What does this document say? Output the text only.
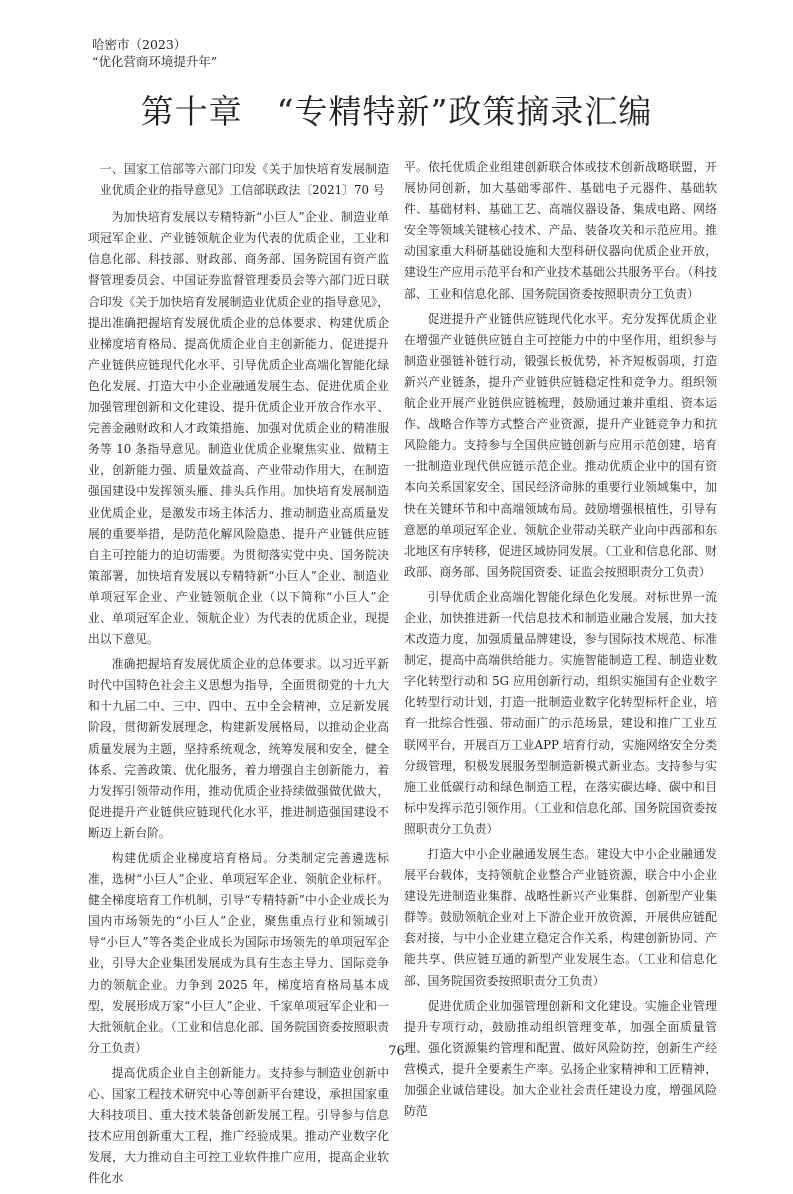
哈密市（2023）
“优化营商环境提升年”
第十章　“专精特新”政策摘录汇编

一、国家工信部等六部门印发《关于加快培育发展制造业优质企业的指导意见》工信部联政法〔2021〕70 号

为加快培育发展以专精特新“小巨人”企业、制造业单项冠军企业、产业链领航企业为代表的优质企业，工业和信息化部、科技部、财政部、商务部、国务院国有资产监督管理委员会、中国证券监督管理委员会等六部门近日联合印发《关于加快培育发展制造业优质企业的指导意见》，提出准确把握培育发展优质企业的总体要求、构建优质企业梯度培育格局、提高优质企业自主创新能力、促进提升产业链供应链现代化水平、引导优质企业高端化智能化绿色化发展、打造大中小企业融通发展生态、促进优质企业加强管理创新和文化建设、提升优质企业开放合作水平、完善金融财政和人才政策措施、加强对优质企业的精准服务等 10 条指导意见。制造业优质企业聚焦实业、做精主业，创新能力强、质量效益高、产业带动作用大，在制造强国建设中发挥领头雁、排头兵作用。加快培育发展制造业优质企业，是激发市场主体活力、推动制造业高质量发展的重要举措，是防范化解风险隐患、提升产业链供应链自主可控能力的迫切需要。为贯彻落实党中央、国务院决策部署，加快培育发展以专精特新“小巨人”企业、制造业单项冠军企业、产业链领航企业（以下简称“小巨人”企业、单项冠军企业、领航企业）为代表的优质企业，现提出以下意见。

准确把握培育发展优质企业的总体要求。以习近平新时代中国特色社会主义思想为指导，全面贯彻党的十九大和十九届二中、三中、四中、五中全会精神，立足新发展阶段，贯彻新发展理念，构建新发展格局，以推动企业高质量发展为主题，坚持系统观念，统筹发展和安全，健全体系、完善政策、优化服务，着力增强自主创新能力，着力发挥引领带动作用，推动优质企业持续做强做优做大，促进提升产业链供应链现代化水平，推进制造强国建设不断迈上新台阶。

构建优质企业梯度培育格局。分类制定完善遴选标准，选树“小巨人”企业、单项冠军企业、领航企业标杆。健全梯度培育工作机制，引导“专精特新”中小企业成长为国内市场领先的“小巨人”企业，聚焦重点行业和领域引导“小巨人”等各类企业成长为国际市场领先的单项冠军企业，引导大企业集团发展成为具有生态主导力、国际竞争力的领航企业。力争到 2025 年，梯度培育格局基本成型，发展形成万家“小巨人”企业、千家单项冠军企业和一大批领航企业。（工业和信息化部、国务院国资委按照职责分工负责）

提高优质企业自主创新能力。支持参与制造业创新中心、国家工程技术研究中心等创新平台建设，承担国家重大科技项目、重大技术装备创新发展工程。引导参与信息技术应用创新重大工程，推广经验成果。推动产业数字化发展，大力推动自主可控工业软件推广应用，提高企业软件化水

平。依托优质企业组建创新联合体或技术创新战略联盟，开展协同创新，加大基础零部件、基础电子元器件、基础软件、基础材料、基础工艺、高端仪器设备、集成电路、网络安全等领域关键核心技术、产品、装备攻关和示范应用。推动国家重大科研基础设施和大型科研仪器向优质企业开放，建设生产应用示范平台和产业技术基础公共服务平台。（科技部、工业和信息化部、国务院国资委按照职责分工负责）

促进提升产业链供应链现代化水平。充分发挥优质企业在增强产业链供应链自主可控能力中的中坚作用，组织参与制造业强链补链行动，锻强长板优势，补齐短板弱项，打造新兴产业链条，提升产业链供应链稳定性和竞争力。组织领航企业开展产业链供应链梳理，鼓励通过兼并重组、资本运作、战略合作等方式整合产业资源，提升产业链竞争力和抗风险能力。支持参与全国供应链创新与应用示范创建，培育一批制造业现代供应链示范企业。推动优质企业中的国有资本向关系国家安全、国民经济命脉的重要行业领域集中，加快在关键环节和中高端领域布局。鼓励增强根植性，引导有意愿的单项冠军企业、领航企业带动关联产业向中西部和东北地区有序转移，促进区域协同发展。（工业和信息化部、财政部、商务部、国务院国资委、证监会按照职责分工负责）

引导优质企业高端化智能化绿色化发展。对标世界一流企业，加快推进新一代信息技术和制造业融合发展，加大技术改造力度，加强质量品牌建设，参与国际技术规范、标准制定，提高中高端供给能力。实施智能制造工程、制造业数字化转型行动和 5G 应用创新行动，组织实施国有企业数字化转型行动计划，打造一批制造业数字化转型标杆企业，培育一批综合性强、带动面广的示范场景，建设和推广工业互联网平台，开展百万工业APP 培育行动，实施网络安全分类分级管理，积极发展服务型制造新模式新业态。支持参与实施工业低碳行动和绿色制造工程，在落实碳达峰、碳中和目标中发挥示范引领作用。（工业和信息化部、国务院国资委按照职责分工负责）

打造大中小企业融通发展生态。建设大中小企业融通发展平台载体，支持领航企业整合产业链资源，联合中小企业建设先进制造业集群、战略性新兴产业集群、创新型产业集群等。鼓励领航企业对上下游企业开放资源，开展供应链配套对接，与中小企业建立稳定合作关系，构建创新协同、产能共享、供应链互通的新型产业发展生态。（工业和信息化部、国务院国资委按照职责分工负责）

促进优质企业加强管理创新和文化建设。实施企业管理提升专项行动，鼓励推动组织管理变革，加强全面质量管理、强化资源集约管理和配置、做好风险防控，创新生产经营模式，提升全要素生产率。弘扬企业家精神和工匠精神，加强企业诚信建设。加大企业社会责任建设力度，增强风险防范

76
